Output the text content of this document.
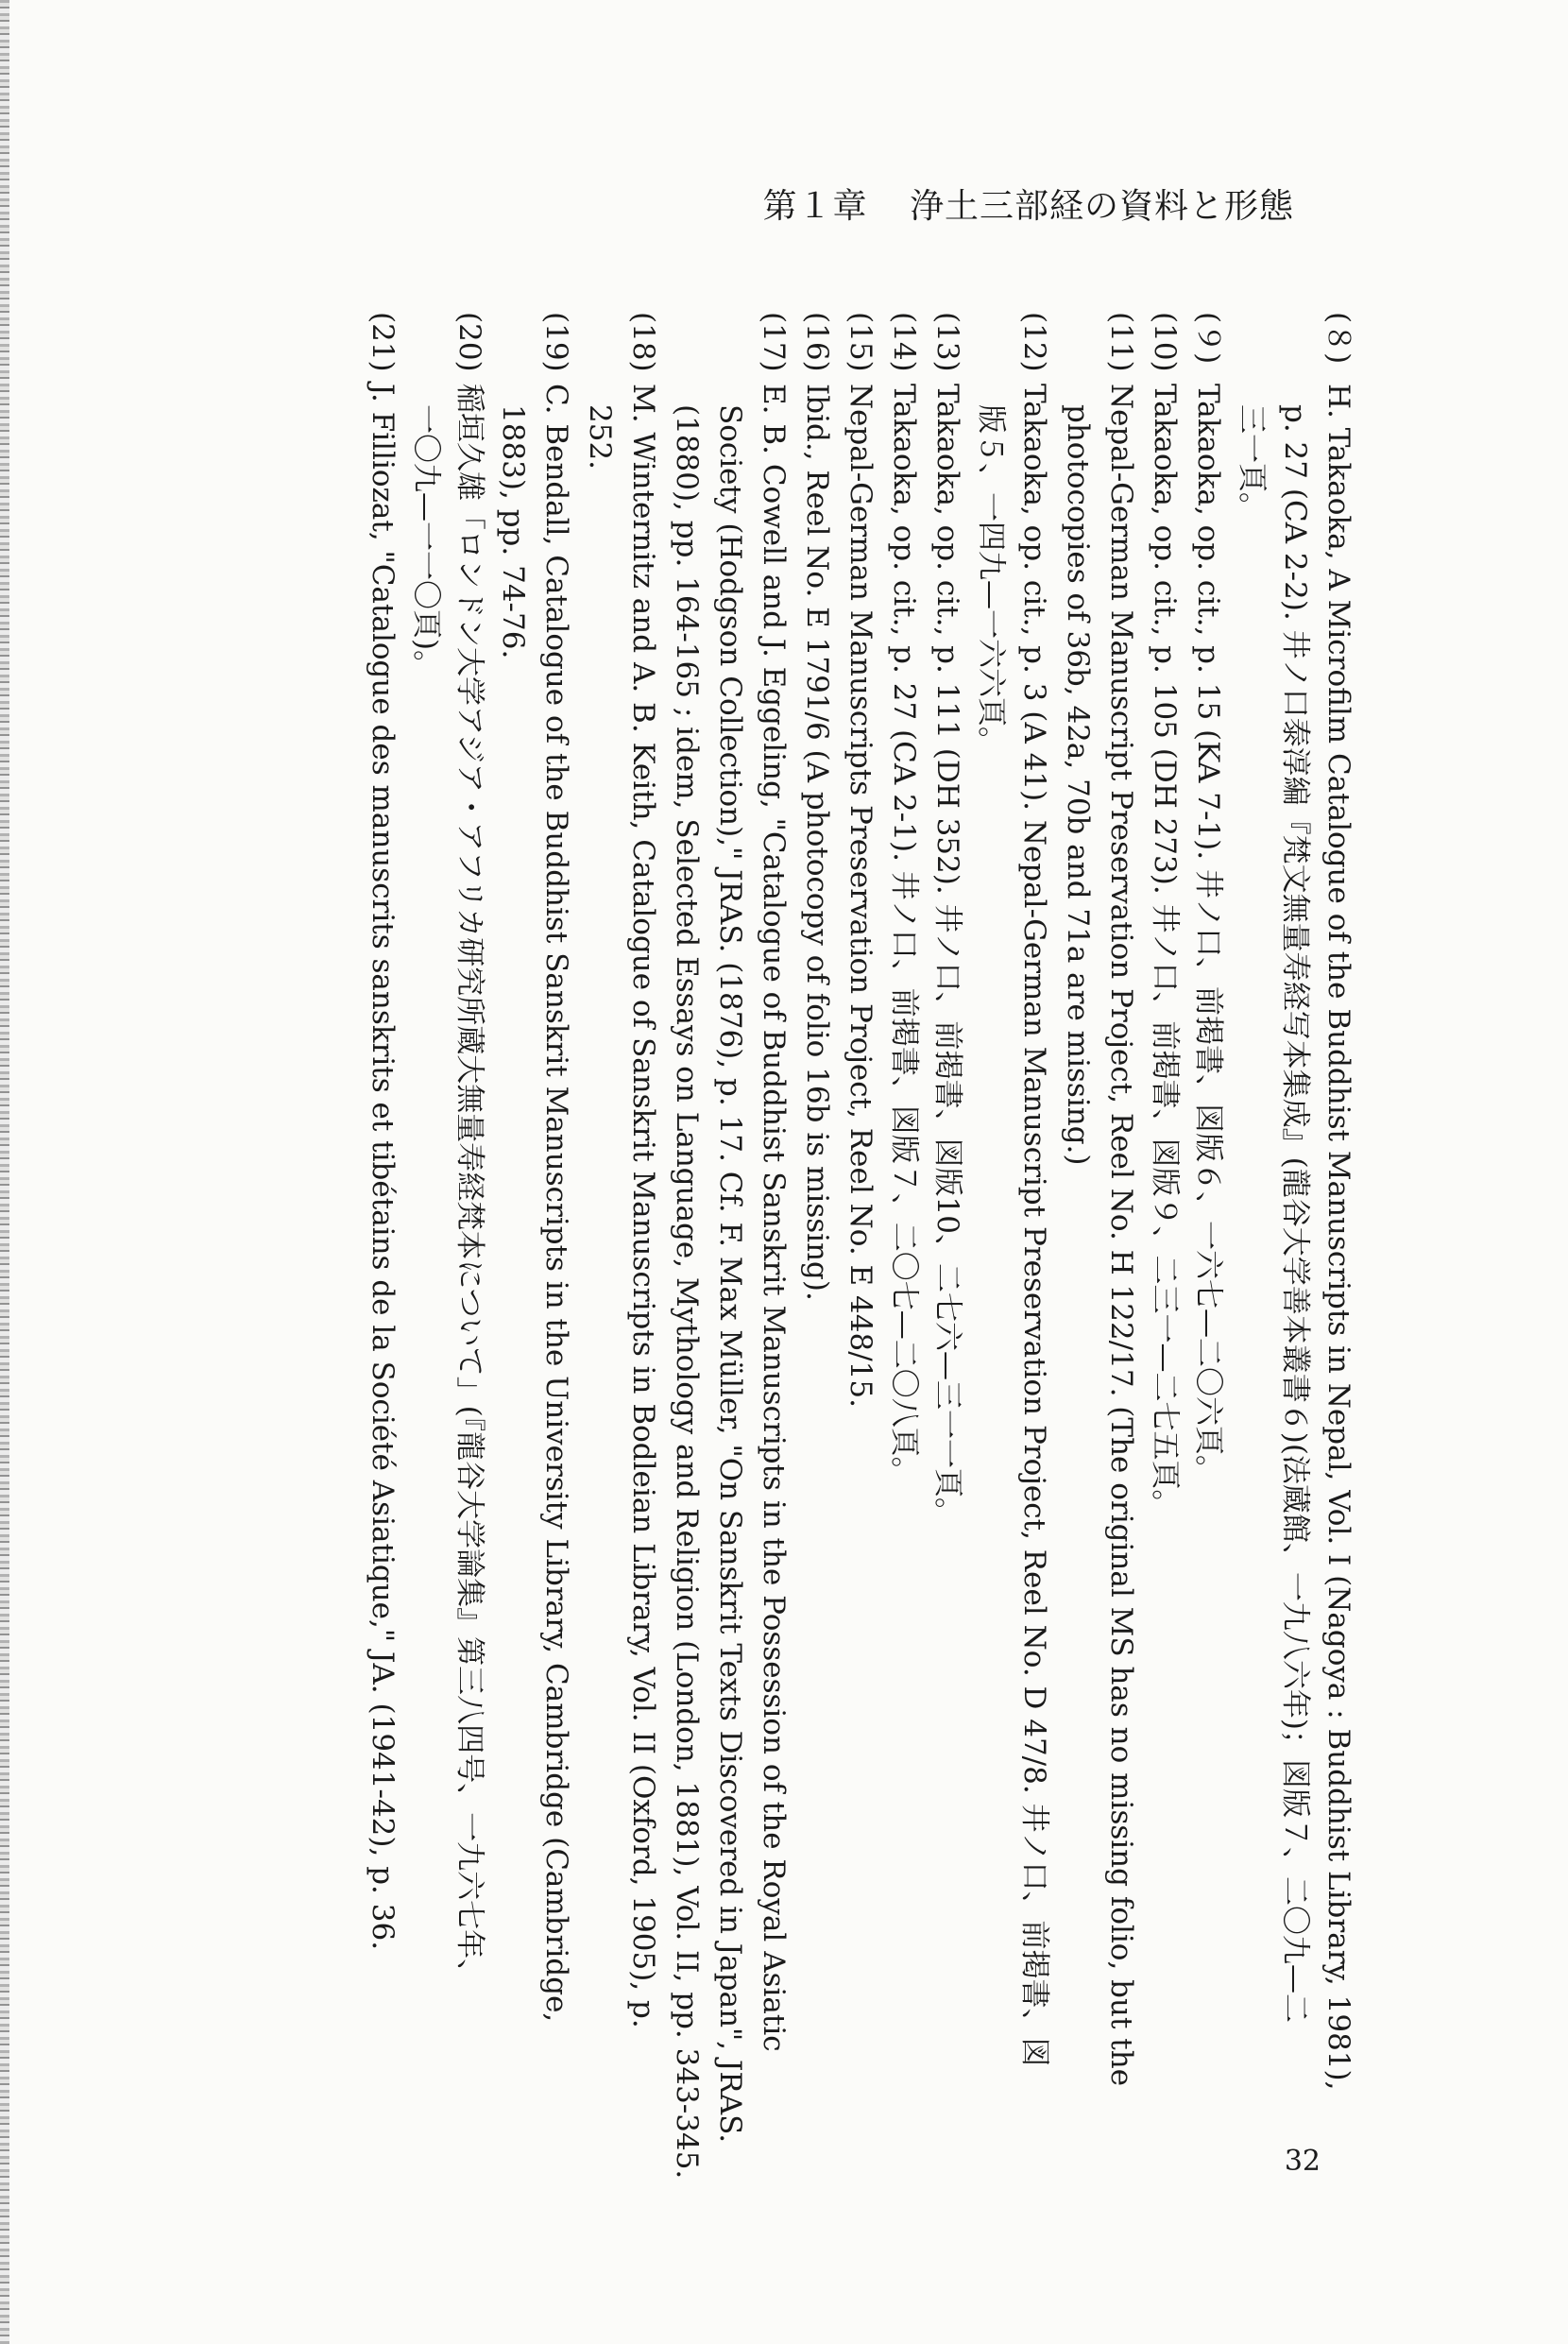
第１章 浄土三部経の資料と形態
(８)H. Takaoka, A Microfilm Catalogue of the Buddhist Manuscripts in Nepal, Vol. I (Nagoya : Buddhist Library, 1981),
p. 27 (CA 2-2). 井ノ口泰淳編『梵文無量寿経写本集成』(龍谷大学善本叢書６)(法蔵館、一九八六年)；図版７、二〇九—二
三一頁。
(９)Takaoka, op. cit., p. 15 (KA 7-1). 井ノ口、前掲書、図版６、一六七—二〇六頁。
(10)Takaoka, op. cit., p. 105 (DH 273). 井ノ口、前掲書、図版９、二三一—二七五頁。
(11)Nepal-German Manuscript Preservation Project, Reel No. H 122/17. (The original MS has no missing folio, but the
photocopies of 36b, 42a, 70b and 71a are missing.)
(12)Takaoka, op. cit., p. 3 (A 41). Nepal-German Manuscript Preservation Project, Reel No. D 47/8. 井ノ口、前掲書、図
版５、一四九—一六六頁。
(13)Takaoka, op. cit., p. 111 (DH 352). 井ノ口、前掲書、図版10、二七六—三一一頁。
(14)Takaoka, op. cit., p. 27 (CA 2-1). 井ノ口、前掲書、図版７、二〇七—二〇八頁。
(15)Nepal-German Manuscripts Preservation Project, Reel No. E 448/15.
(16)Ibid., Reel No. E 1791/6 (A photocopy of folio 16b is missing).
(17)E. B. Cowell and J. Eggeling, "Catalogue of Buddhist Sanskrit Manuscripts in the Possession of the Royal Asiatic
Society (Hodgson Collection)," JRAS. (1876), p. 17. Cf. F. Max Müller, "On Sanskrit Texts Discovered in Japan", JRAS.
(1880), pp. 164-165 ; idem, Selected Essays on Language, Mythology and Religion (London, 1881), Vol. II, pp. 343-345.
(18)M. Winternitz and A. B. Keith, Catalogue of Sanskrit Manuscripts in Bodleian Library, Vol. II (Oxford, 1905), p.
252.
(19)C. Bendall, Catalogue of the Buddhist Sanskrit Manuscripts in the University Library, Cambridge (Cambridge,
1883), pp. 74-76.
(20)稲垣久雄「ロンドン大学アジア・アフリカ研究所蔵大無量寿経梵本について」(『龍谷大学論集』第三八四号、一九六七年、
一〇九—一一〇頁)。
(21)J. Filliozat, "Catalogue des manuscrits sanskrits et tibétains de la Société Asiatique," JA. (1941-42), p. 36.
32
